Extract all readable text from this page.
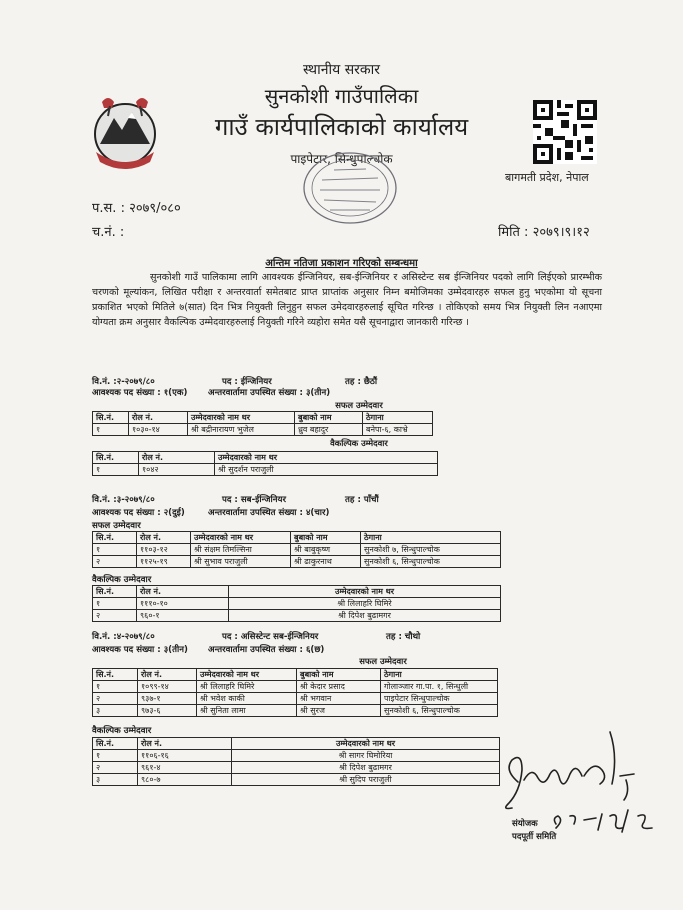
स्थानीय सरकार
सुनकोशी गाउँपालिका
गाउँ कार्यपालिकाको कार्यालय
पाइपेटार, सिन्धुपाल्चोक
बागमती प्रदेश, नेपाल
प.स. : २०७९/०८०
च.नं. :	मिति : २०७९।९।१२
अन्तिम नतिजा प्रकाशन गरिएको सम्बन्धमा
सुनकोशी गाउँ पालिकामा लागि आवश्यक ईन्जिनियर, सब-ईन्जिनियर र असिस्टेन्ट सब ईन्जिनियर पदको लागि लिईएको प्रारम्भीक चरणको मूल्यांकन, लिखित परीक्षा र अन्तरवार्ता समेतबाट प्राप्त प्राप्तांक अनुसार निम्न बमोजिमका उम्मेदवारहरु सफल हुनु भएकोमा यो सूचना प्रकाशित भएको मितिले ७(सात) दिन भित्र नियुक्ती लिनुहुन सफल उमेदवारहरुलाई सूचित गरिन्छ । तोकिएको समय भित्र नियुक्ती लिन नआएमा योग्यता क्रम अनुसार वैकल्पिक उम्मेदवारहरुलाई नियुक्ती गरिने व्यहोरा समेत यसै सूचनाद्वारा जानकारी गरिन्छ ।
वि.नं. :२-२०७९/८०	पद : ईन्जिनियर	तह : छैठौं
आवश्यक पद संख्या : १(एक) अन्तरवार्तामा उपस्थित संख्या : ३(तीन)
सफल उम्मेदवार
सि.नं.	रोल नं.	उम्मेदवारको नाम थर	बुबाको नाम	ठेगाना
१	१०३०-१४	श्री बद्रीनारायण भुजेल	ध्रुव बहादुर	बनेपा-६, काभ्रे
वैकल्पिक उम्मेदवार
सि.नं.	रोल नं.	उम्मेदवारको नाम थर
१	१०४२	श्री सुदर्शन पराजुली
वि.नं. :३-२०७९/८०	पद : सब-ईन्जिनियर	तह : पाँचौं
आवश्यक पद संख्या : २(दुई)	अन्तरवार्तामा उपस्थित संख्या : ४(चार)
सफल उम्मेदवार
सि.नं.	रोल नं.	उम्मेदवारको नाम थर	बुबाको नाम	ठेगाना
१	११०३-१२	श्री संक्षम तिमल्सिना	श्री बाबुकृष्ण	सुनकोशी ७, सिन्धुपाल्चोक
२	११२५-१९	श्री सुभाव पराजुली	श्री ढाकुरनाथ	सुनकोशी ६, सिन्धुपाल्चोक
वैकल्पिक उम्मेदवार
सि.नं.	रोल नं.	उम्मेदवारको नाम थर
१	१११०-१०	श्री लिलाहरि घिमिरे
२	९६०-१	श्री दिपेश बुढामगर
वि.नं. :४-२०७९/८०	पद : असिस्टेन्ट सब-ईन्जिनियर	तह : चौथो
आवश्यक पद संख्या : ३(तीन) अन्तरवार्तामा उपस्थित संख्या : ६(छ)
सफल उम्मेदवार
सि.नं.	रोल नं.	उम्मेदवारको नाम थर	बुबाको नाम	ठेगाना
१	१०९९-१४	श्री लिलाहरि घिमिरे	श्री केदार प्रसाद	गोलाञ्जार गा.पा. १, सिन्धुली
२	९३७-१	श्री भवेश काकी	श्री भगवान	पाइपेटार सिन्धुपाल्चोक
३	९७३-६	श्री सुनिता लामा	श्री सुरज	सुनकोशी ६, सिन्धुपाल्चोक
वैकल्पिक उम्मेदवार
सि.नं.	रोल नं.	उम्मेदवारको नाम थर
१	११०६-१६	श्री सागर घिमोरिया
२	९६१-४	श्री दिपेश बुढामगर
३	९८०-७	श्री सुदिप पराजुली
संयोजक
पदपूर्ती समिति
